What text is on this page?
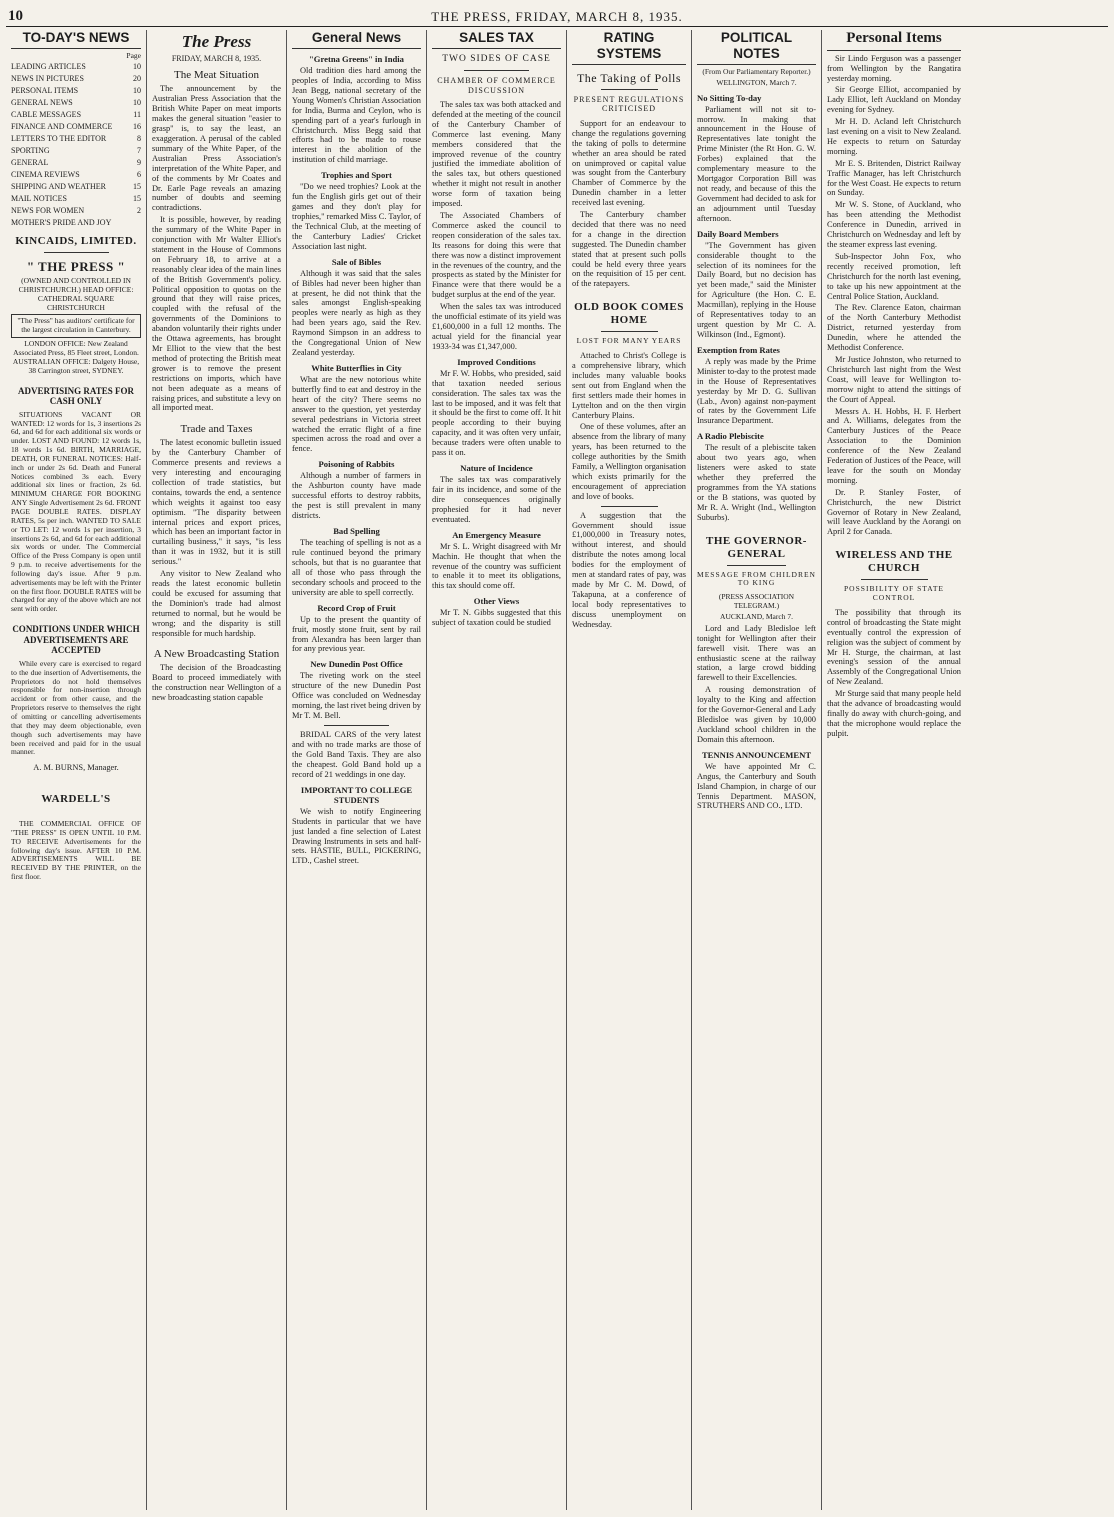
10	THE PRESS, FRIDAY, MARCH 8, 1935.
TO-DAY'S NEWS
Page
LEADING ARTICLES	10
NEWS IN PICTURES	20
PERSONAL ITEMS	10
GENERAL NEWS	10
CABLE MESSAGES	11
FINANCE AND COMMERCE	16
LETTERS TO THE EDITOR	8
SPORTING	7
GENERAL	9
CINEMA REVIEWS	6
SHIPPING AND WEATHER	15
MAIL NOTICES	15
NEWS FOR WOMEN	2
MOTHER'S PRIDE AND JOY
KINCAIDS, LIMITED.
" THE PRESS "

(OWNED AND CONTROLLED IN CHRISTCHURCH.) HEAD OFFICE: CATHEDRAL SQUARE CHRISTCHURCH

"The Press" has auditors' certificate for the largest circulation in Canterbury.

LONDON OFFICE: New Zealand Associated Press, 85 Fleet street, London. AUSTRALIAN OFFICE: Dalgety House, 38 Carrington street, SYDNEY.

ADVERTISING RATES FOR CASH ONLY

SITUATIONS VACANT OR WANTED: 12 words for 1s, 3 insertions 2s 6d, and 6d for each additional six words or under. LOST AND FOUND: 12 words 1s, 18 words 1s 6d. BIRTH, MARRIAGE, DEATH, OR FUNERAL NOTICES: Half-inch or under 2s 6d. Death and Funeral Notices combined 3s each. Every additional six lines or fraction, 2s 6d. MINIMUM CHARGE FOR BOOKING ANY Single Advertisement 2s 6d. FRONT PAGE DOUBLE RATES. DISPLAY RATES, 5s per inch. WANTED TO SALE or TO LET: 12 words 1s per insertion, 3 insertions 2s 6d, and 6d for each additional six words or under. The Commercial Office of the Press Company is open until 9 p.m. to receive advertisements for the following day's issue. After 9 p.m. advertisements may be left with the Printer on the first floor. DOUBLE RATES will be charged for any of the above which are not sent with order.

CONDITIONS UNDER WHICH ADVERTISEMENTS ARE ACCEPTED

While every care is exercised to regard to the due insertion of Advertisements, the Proprietors do not hold themselves responsible for non-insertion through accident or from other cause, and the Proprietors reserve to themselves the right of omitting or cancelling advertisements that they may deem objectionable, even though such advertisements may have been received and paid for in the usual manner.

A. M. BURNS, Manager.

WARDELL'S

THE COMMERCIAL OFFICE OF "THE PRESS" IS OPEN UNTIL 10 P.M. TO RECEIVE Advertisements for the following day's issue. AFTER 10 P.M. ADVERTISEMENTS WILL BE RECEIVED BY THE PRINTER, on the first floor.

The Press
FRIDAY, MARCH 8, 1935.
The Meat Situation

The announcement by the Australian Press Association that the British White Paper on meat imports makes the general situation "easier to grasp" is, to say the least, an exaggeration. A perusal of the cabled summary of the White Paper, of the Australian Press Association's interpretation of the White Paper, and of the comments by Mr Coates and Dr. Earle Page reveals an amazing number of doubts and seeming contradictions.

It is possible, however, by reading the summary of the White Paper in conjunction with Mr Walter Elliot's statement in the House of Commons on February 18, to arrive at a reasonably clear idea of the main lines of the British Government's policy. Political opposition to quotas on the ground that they will raise prices, coupled with the refusal of the governments of the Dominions to abandon voluntarily their rights under the Ottawa agreements, has brought Mr Elliot to the view that the best method of protecting the British meat grower is to remove the present restrictions on imports, which have not been adequate as a means of raising prices, and substitute a levy on all imported meat.

Trade and Taxes

The latest economic bulletin issued by the Canterbury Chamber of Commerce presents and reviews a very interesting and encouraging collection of trade statistics, but contains, towards the end, a sentence which weights it against too easy optimism. "The disparity between internal prices and export prices, which has been an important factor in curtailing business," it says, "is less than it was in 1932, but it is still serious."

Any visitor to New Zealand who reads the latest economic bulletin could be excused for assuming that the Dominion's trade had almost returned to normal, but he would be wrong; and the disparity is still responsible for much hardship.

A New Broadcasting Station

The decision of the Broadcasting Board to proceed immediately with the construction near Wellington of a new broadcasting station capable

General News
"Gretna Greens" in India

Old tradition dies hard among the peoples of India, according to Miss Jean Begg, national secretary of the Young Women's Christian Association for India, Burma and Ceylon, who is spending part of a year's furlough in Christchurch. Miss Begg said that efforts had to be made to rouse interest in the abolition of the institution of child marriage.

Trophies and Sport

"Do we need trophies? Look at the fun the English girls get out of their games and they don't play for trophies," remarked Miss C. Taylor, of the Technical Club, at the meeting of the Canterbury Ladies' Cricket Association last night.

Sale of Bibles

Although it was said that the sales of Bibles had never been higher than at present, he did not think that the sales amongst English-speaking peoples were nearly as high as they had been years ago, said the Rev. Raymond Simpson in an address to the Congregational Union of New Zealand yesterday.

White Butterflies in City

What are the new notorious white butterfly find to eat and destroy in the heart of the city? There seems no answer to the question, yet yesterday several pedestrians in Victoria street watched the erratic flight of a fine specimen across the road and over a fence.

Poisoning of Rabbits

Although a number of farmers in the Ashburton county have made successful efforts to destroy rabbits, the pest is still prevalent in many districts.

Bad Spelling

The teaching of spelling is not as a rule continued beyond the primary schools, but that is no guarantee that all of those who pass through the secondary schools and proceed to the university are able to spell correctly.

Record Crop of Fruit

Up to the present the quantity of fruit, mostly stone fruit, sent by rail from Alexandra has been larger than for any previous year.

New Dunedin Post Office

The riveting work on the steel structure of the new Dunedin Post Office was concluded on Wednesday morning, the last rivet being driven by Mr T. M. Bell.

BRIDAL CARS of the very latest and with no trade marks are those of the Gold Band Taxis. They are also the cheapest. Gold Band hold up a record of 21 weddings in one day.

IMPORTANT TO COLLEGE STUDENTS

We wish to notify Engineering Students in particular that we have just landed a fine selection of Latest Drawing Instruments in sets and half-sets. HASTIE, BULL, PICKERING, LTD., Cashel street.

SALES TAX
TWO SIDES OF CASE
CHAMBER OF COMMERCE DISCUSSION

The sales tax was both attacked and defended at the meeting of the council of the Canterbury Chamber of Commerce last evening. Many members considered that the improved revenue of the country justified the immediate abolition of the sales tax, but others questioned whether it might not result in another worse form of taxation being imposed.

The Associated Chambers of Commerce asked the council to reopen consideration of the sales tax. Its reasons for doing this were that there was now a distinct improvement in the revenues of the country, and the prospects as stated by the Minister for Finance were that there would be a budget surplus at the end of the year.

When the sales tax was introduced the unofficial estimate of its yield was £1,600,000 in a full 12 months. The actual yield for the financial year 1933-34 was £1,347,000.

Improved Conditions

Mr F. W. Hobbs, who presided, said that taxation needed serious consideration. The sales tax was the last to be imposed, and it was felt that it should be the first to come off. It hit people according to their buying capacity, and it was often very unfair, because traders were often unable to pass it on.

Nature of Incidence

The sales tax was comparatively fair in its incidence, and some of the dire consequences originally prophesied for it had never eventuated.

An Emergency Measure

Mr S. L. Wright disagreed with Mr Machin. He thought that when the revenue of the country was sufficient to enable it to meet its obligations, this tax should come off.

Other Views

Mr T. N. Gibbs suggested that this subject of taxation could be studied

RATING SYSTEMS
The Taking of Polls
PRESENT REGULATIONS CRITICISED

Support for an endeavour to change the regulations governing the taking of polls to determine whether an area should be rated on unimproved or capital value was sought from the Canterbury Chamber of Commerce by the Dunedin chamber in a letter received last evening.

The Canterbury chamber decided that there was no need for a change in the direction suggested. The Dunedin chamber stated that at present such polls could be held every three years on the requisition of 15 per cent. of the ratepayers.

OLD BOOK COMES HOME
LOST FOR MANY YEARS

Attached to Christ's College is a comprehensive library, which includes many valuable books sent out from England when the first settlers made their homes in Lyttelton and on the then virgin Canterbury Plains.

One of these volumes, after an absence from the library of many years, has been returned to the college authorities by the Smith Family, a Wellington organisation which exists primarily for the encouragement of appreciation and love of books.

A suggestion that the Government should issue £1,000,000 in Treasury notes, without interest, and should distribute the notes among local bodies for the employment of men at standard rates of pay, was made by Mr C. M. Dowd, of Takapuna, at a conference of local body representatives to discuss unemployment on Wednesday.

POLITICAL NOTES

(From Our Parliamentary Reporter.)

WELLINGTON, March 7.

No Sitting To-day

Parliament will not sit to-morrow. In making that announcement in the House of Representatives late tonight the Prime Minister (the Rt Hon. G. W. Forbes) explained that the complementary measure to the Mortgagor Corporation Bill was not ready, and because of this the Government had decided to ask for an adjournment until Tuesday afternoon.

Daily Board Members

"The Government has given considerable thought to the selection of its nominees for the Daily Board, but no decision has yet been made," said the Minister for Agriculture (the Hon. C. E. Macmillan), replying in the House of Representatives today to an urgent question by Mr C. A. Wilkinson (Ind., Egmont).

Exemption from Rates

A reply was made by the Prime Minister to-day to the protest made in the House of Representatives yesterday by Mr D. G. Sullivan (Lab., Avon) against non-payment of rates by the Government Life Insurance Department.

A Radio Plebiscite

The result of a plebiscite taken about two years ago, when listeners were asked to state whether they preferred the programmes from the YA stations or the B stations, was quoted by Mr R. A. Wright (Ind., Wellington Suburbs).

THE GOVERNOR-GENERAL
MESSAGE FROM CHILDREN TO KING

(PRESS ASSOCIATION TELEGRAM.)

AUCKLAND, March 7.

Lord and Lady Bledisloe left tonight for Wellington after their farewell visit. There was an enthusiastic scene at the railway station, a large crowd bidding farewell to their Excellencies.

A rousing demonstration of loyalty to the King and affection for the Governor-General and Lady Bledisloe was given by 10,000 Auckland school children in the Domain this afternoon.

TENNIS ANNOUNCEMENT

We have appointed Mr C. Angus, the Canterbury and South Island Champion, in charge of our Tennis Department. MASON, STRUTHERS AND CO., LTD.

Personal Items

Sir Lindo Ferguson was a passenger from Wellington by the Rangatira yesterday morning.

Sir George Elliot, accompanied by Lady Elliot, left Auckland on Monday evening for Sydney.

Mr H. D. Acland left Christchurch last evening on a visit to New Zealand. He expects to return on Saturday morning.

Mr E. S. Britenden, District Railway Traffic Manager, has left Christchurch for the West Coast. He expects to return on Sunday.

Mr W. S. Stone, of Auckland, who has been attending the Methodist Conference in Dunedin, arrived in Christchurch on Wednesday and left by the steamer express last evening.

Sub-Inspector John Fox, who recently received promotion, left Christchurch for the north last evening, to take up his new appointment at the Central Police Station, Auckland.

The Rev. Clarence Eaton, chairman of the North Canterbury Methodist District, returned yesterday from Dunedin, where he attended the Methodist Conference.

Mr Justice Johnston, who returned to Christchurch last night from the West Coast, will leave for Wellington to-morrow night to attend the sittings of the Court of Appeal.

Messrs A. H. Hobbs, H. F. Herbert and A. Williams, delegates from the Canterbury Justices of the Peace Association to the Dominion conference of the New Zealand Federation of Justices of the Peace, will leave for the south on Monday morning.

Dr. P. Stanley Foster, of Christchurch, the new District Governor of Rotary in New Zealand, will leave Auckland by the Aorangi on April 2 for Canada.

WIRELESS AND THE CHURCH
POSSIBILITY OF STATE CONTROL

The possibility that through its control of broadcasting the State might eventually control the expression of religion was the subject of comment by Mr H. Sturge, the chairman, at last evening's session of the annual Assembly of the Congregational Union of New Zealand.

Mr Sturge said that many people held that the advance of broadcasting would finally do away with church-going, and that the microphone would replace the pulpit.
